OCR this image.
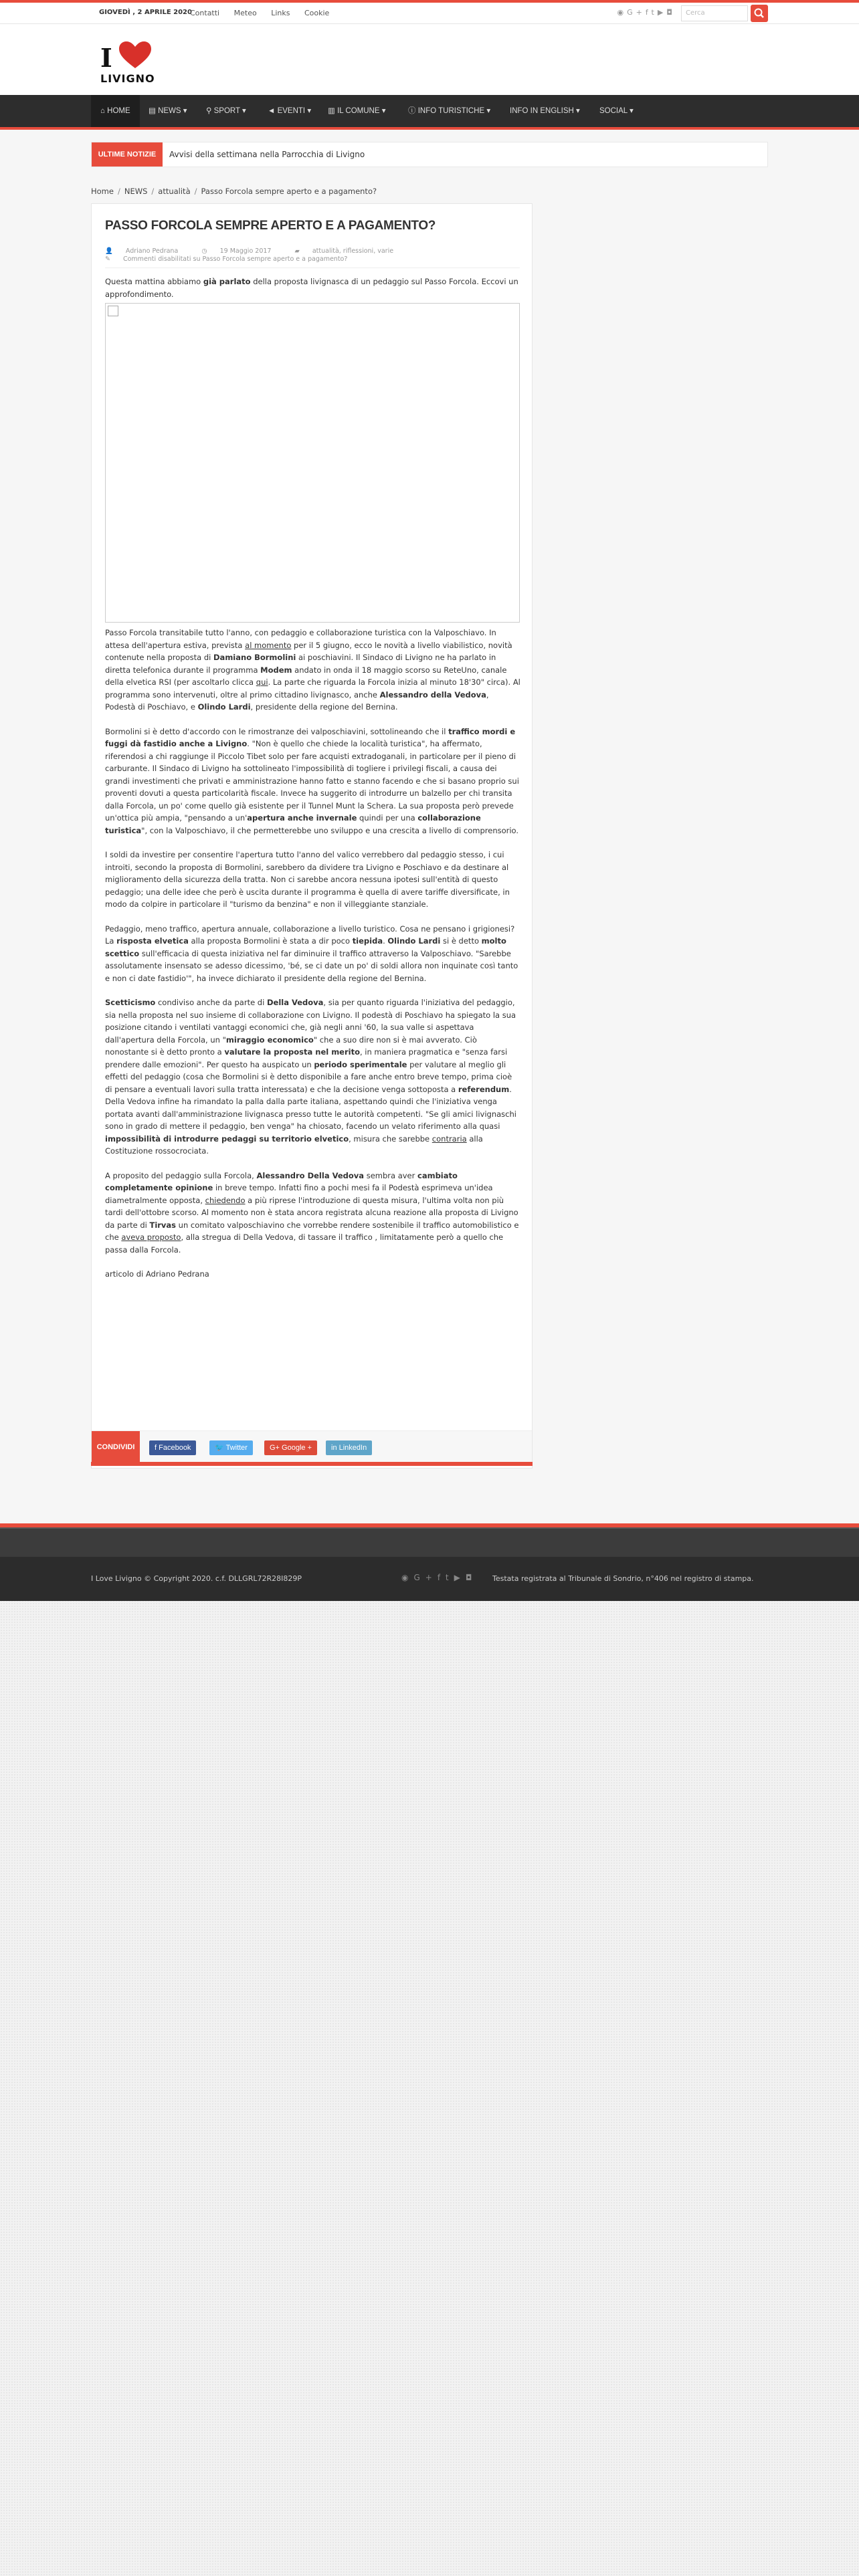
GIOVEDÌ , 2 APRILE 2020
Contatti Meteo Links Cookie	◉G+ft▶◘	Cerca
I
LIVIGNO
⌂ HOME	▤ NEWS ▾ ⚲ SPORT ▾	◄ EVENTI ▾ ▥ IL COMUNE ▾	ⓘ INFO TURISTICHE ▾	INFO IN ENGLISH ▾	SOCIAL ▾
ULTIME NOTIZIE	Avvisi della settimana nella Parrocchia di Livigno
Home / NEWS / attualità / Passo Forcola sempre aperto e a pagamento?
PASSO FORCOLA SEMPRE APERTO E A PAGAMENTO?
👤 Adriano Pedrana	◷ 19 Maggio 2017	▰ attualità, riflessioni, varie
✎ Commenti disabilitati su Passo Forcola sempre aperto e a pagamento?

Questa mattina abbiamo già parlato della proposta livignasca di un pedaggio sul Passo Forcola. Eccovi un approfondimento.

Passo Forcola transitabile tutto l'anno, con pedaggio e collaborazione turistica con la Valposchiavo. In attesa dell'apertura estiva, prevista al momento per il 5 giugno, ecco le novità a livello viabilistico, novità contenute nella proposta di Damiano Bormolini ai poschiavini. Il Sindaco di Livigno ne ha parlato in diretta telefonica durante il programma Modem andato in onda il 18 maggio scorso su ReteUno, canale della elvetica RSI (per ascoltarlo clicca qui. La parte che riguarda la Forcola inizia al minuto 18'30" circa). Al programma sono intervenuti, oltre al primo cittadino livignasco, anche Alessandro della Vedova, Podestà di Poschiavo, e Olindo Lardi, presidente della regione del Bernina.

Bormolini si è detto d'accordo con le rimostranze dei valposchiavini, sottolineando che il traffico mordi e fuggi dà fastidio anche a Livigno. "Non è quello che chiede la località turistica", ha affermato, riferendosi a chi raggiunge il Piccolo Tibet solo per fare acquisti extradoganali, in particolare per il pieno di carburante. Il Sindaco di Livigno ha sottolineato l'impossibilità di togliere i privilegi fiscali, a causa dei grandi investimenti che privati e amministrazione hanno fatto e stanno facendo e che si basano proprio sui proventi dovuti a questa particolarità fiscale. Invece ha suggerito di introdurre un balzello per chi transita dalla Forcola, un po' come quello già esistente per il Tunnel Munt la Schera. La sua proposta però prevede un'ottica più ampia, "pensando a un'apertura anche invernale quindi per una collaborazione turistica", con la Valposchiavo, il che permetterebbe uno sviluppo e una crescita a livello di comprensorio.

I soldi da investire per consentire l'apertura tutto l'anno del valico verrebbero dal pedaggio stesso, i cui introiti, secondo la proposta di Bormolini, sarebbero da dividere tra Livigno e Poschiavo e da destinare al miglioramento della sicurezza della tratta. Non ci sarebbe ancora nessuna ipotesi sull'entità di questo pedaggio; una delle idee che però è uscita durante il programma è quella di avere tariffe diversificate, in modo da colpire in particolare il "turismo da benzina" e non il villeggiante stanziale.

Pedaggio, meno traffico, apertura annuale, collaborazione a livello turistico. Cosa ne pensano i grigionesi? La risposta elvetica alla proposta Bormolini è stata a dir poco tiepida. Olindo Lardi si è detto molto scettico sull'efficacia di questa iniziativa nel far diminuire il traffico attraverso la Valposchiavo. "Sarebbe assolutamente insensato se adesso dicessimo, 'bé, se ci date un po' di soldi allora non inquinate così tanto e non ci date fastidio'", ha invece dichiarato il presidente della regione del Bernina.

Scetticismo condiviso anche da parte di Della Vedova, sia per quanto riguarda l'iniziativa del pedaggio, sia nella proposta nel suo insieme di collaborazione con Livigno. Il podestà di Poschiavo ha spiegato la sua posizione citando i ventilati vantaggi economici che, già negli anni '60, la sua valle si aspettava dall'apertura della Forcola, un "miraggio economico" che a suo dire non si è mai avverato. Ciò nonostante si è detto pronto a valutare la proposta nel merito, in maniera pragmatica e "senza farsi prendere dalle emozioni". Per questo ha auspicato un periodo sperimentale per valutare al meglio gli effetti del pedaggio (cosa che Bormolini si è detto disponibile a fare anche entro breve tempo, prima cioè di pensare a eventuali lavori sulla tratta interessata) e che la decisione venga sottoposta a referendum. Della Vedova infine ha rimandato la palla dalla parte italiana, aspettando quindi che l'iniziativa venga portata avanti dall'amministrazione livignasca presso tutte le autorità competenti. "Se gli amici livignaschi sono in grado di mettere il pedaggio, ben venga" ha chiosato, facendo un velato riferimento alla quasi impossibilità di introdurre pedaggi su territorio elvetico, misura che sarebbe contraria alla Costituzione rossocrociata.

A proposito del pedaggio sulla Forcola, Alessandro Della Vedova sembra aver cambiato completamente opinione in breve tempo. Infatti fino a pochi mesi fa il Podestà esprimeva un'idea diametralmente opposta, chiedendo a più riprese l'introduzione di questa misura, l'ultima volta non più tardi dell'ottobre scorso. Al momento non è stata ancora registrata alcuna reazione alla proposta di Livigno da parte di Tirvas un comitato valposchiavino che vorrebbe rendere sostenibile il traffico automobilistico e che aveva proposto, alla stregua di Della Vedova, di tassare il traffico , limitatamente però a quello che passa dalla Forcola.

articolo di Adriano Pedrana

CONDIVIDI	f Facebook	🐦 Twitter	G+ Google +	in LinkedIn
I Love Livigno © Copyright 2020. c.f. DLLGRL72R28I829P	◉G+ft▶◘ Testata registrata al Tribunale di Sondrio, n°406 nel registro di stampa.
